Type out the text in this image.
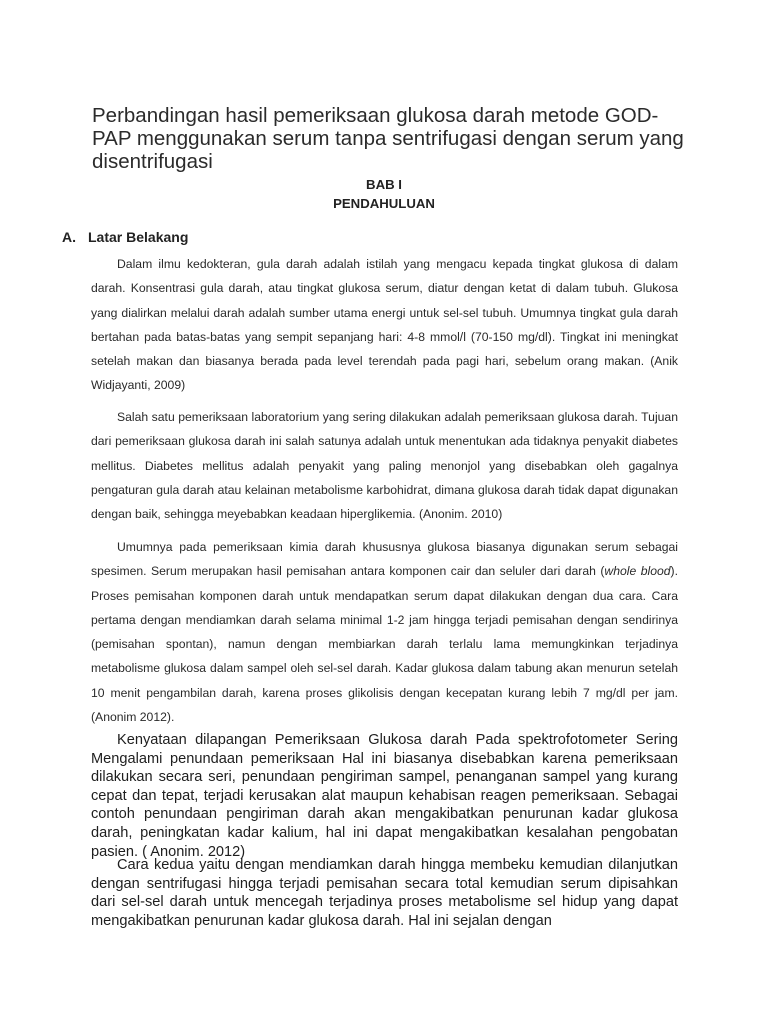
Perbandingan hasil pemeriksaan glukosa darah metode GOD-PAP menggunakan serum tanpa sentrifugasi dengan serum yang disentrifugasi
BAB I
PENDAHULUAN
A. Latar Belakang

Dalam ilmu kedokteran, gula darah adalah istilah yang mengacu kepada tingkat glukosa di dalam darah. Konsentrasi gula darah, atau tingkat glukosa serum, diatur dengan ketat di dalam tubuh. Glukosa yang dialirkan melalui darah adalah sumber utama energi untuk sel-sel tubuh. Umumnya tingkat gula darah bertahan pada batas-batas yang sempit sepanjang hari: 4-8 mmol/l (70-150 mg/dl). Tingkat ini meningkat setelah makan dan biasanya berada pada level terendah pada pagi hari, sebelum orang makan. (Anik Widjayanti, 2009)

Salah satu pemeriksaan laboratorium yang sering dilakukan adalah pemeriksaan glukosa darah. Tujuan dari pemeriksaan glukosa darah ini salah satunya adalah untuk menentukan ada tidaknya penyakit diabetes mellitus. Diabetes mellitus adalah penyakit yang paling menonjol yang disebabkan oleh gagalnya pengaturan gula darah atau kelainan metabolisme karbohidrat, dimana glukosa darah tidak dapat digunakan dengan baik, sehingga meyebabkan keadaan hiperglikemia. (Anonim. 2010)

Umumnya pada pemeriksaan kimia darah khususnya glukosa biasanya digunakan serum sebagai spesimen. Serum merupakan hasil pemisahan antara komponen cair dan seluler dari darah (whole blood). Proses pemisahan komponen darah untuk mendapatkan serum dapat dilakukan dengan dua cara. Cara pertama dengan mendiamkan darah selama minimal 1-2 jam hingga terjadi pemisahan dengan sendirinya (pemisahan spontan), namun dengan membiarkan darah terlalu lama memungkinkan terjadinya metabolisme glukosa dalam sampel oleh sel-sel darah. Kadar glukosa dalam tabung akan menurun setelah 10 menit pengambilan darah, karena proses glikolisis dengan kecepatan kurang lebih 7 mg/dl per jam. (Anonim 2012).

Kenyataan dilapangan Pemeriksaan Glukosa darah Pada spektrofotometer Sering Mengalami penundaan pemeriksaan Hal ini biasanya disebabkan karena pemeriksaan dilakukan secara seri, penundaan pengiriman sampel, penanganan sampel yang kurang cepat dan tepat, terjadi kerusakan alat maupun kehabisan reagen pemeriksaan. Sebagai contoh penundaan pengiriman darah akan mengakibatkan penurunan kadar glukosa darah, peningkatan kadar kalium, hal ini dapat mengakibatkan kesalahan pengobatan pasien. ( Anonim. 2012)

Cara kedua yaitu dengan mendiamkan darah hingga membeku kemudian dilanjutkan dengan sentrifugasi hingga terjadi pemisahan secara total kemudian serum dipisahkan dari sel-sel darah untuk mencegah terjadinya proses metabolisme sel hidup yang dapat mengakibatkan penurunan kadar glukosa darah. Hal ini sejalan dengan
